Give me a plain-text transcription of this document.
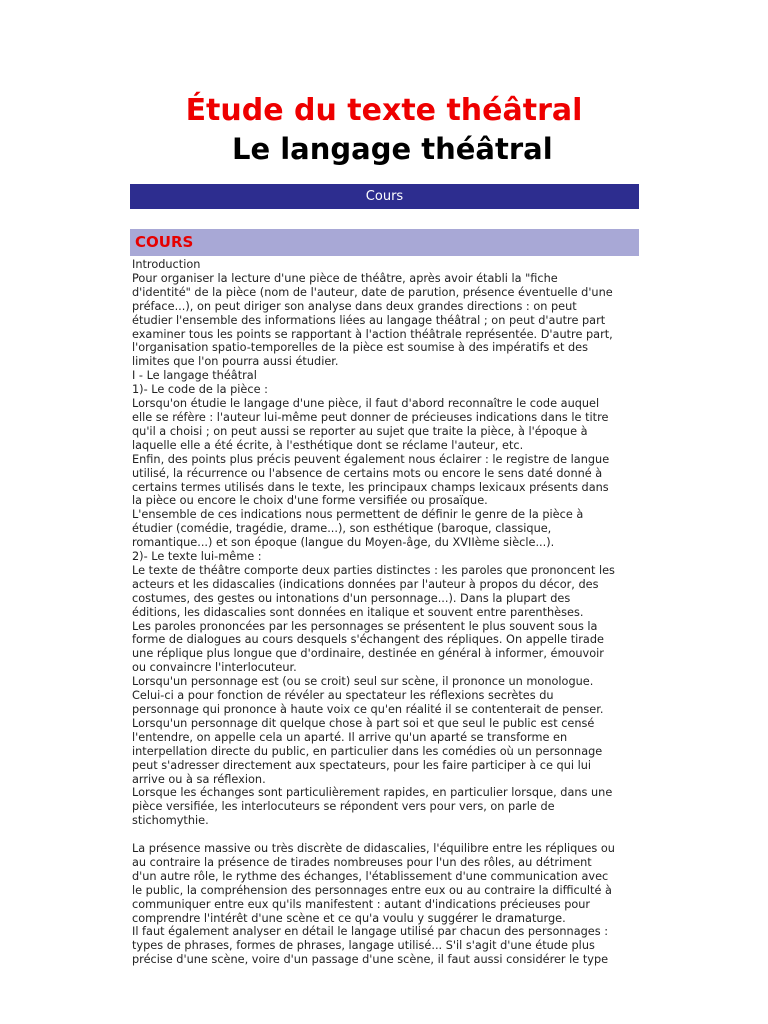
Étude du texte théâtral
Le langage théâtral
Cours
COURS
Introduction
Pour organiser la lecture d'une pièce de théâtre, après avoir établi la "fiche
d'identité" de la pièce (nom de l'auteur, date de parution, présence éventuelle d'une
préface...), on peut diriger son analyse dans deux grandes directions : on peut
étudier l'ensemble des informations liées au langage théâtral ; on peut d'autre part
examiner tous les points se rapportant à l'action théâtrale représentée. D'autre part,
l'organisation spatio-temporelles de la pièce est soumise à des impératifs et des
limites que l'on pourra aussi étudier.
I - Le langage théâtral
1)- Le code de la pièce :
Lorsqu'on étudie le langage d'une pièce, il faut d'abord reconnaître le code auquel
elle se réfère : l'auteur lui-même peut donner de précieuses indications dans le titre
qu'il a choisi ; on peut aussi se reporter au sujet que traite la pièce, à l'époque à
laquelle elle a été écrite, à l'esthétique dont se réclame l'auteur, etc.
Enfin, des points plus précis peuvent également nous éclairer : le registre de langue
utilisé, la récurrence ou l'absence de certains mots ou encore le sens daté donné à
certains termes utilisés dans le texte, les principaux champs lexicaux présents dans
la pièce ou encore le choix d'une forme versifiée ou prosaïque.
L'ensemble de ces indications nous permettent de définir le genre de la pièce à
étudier (comédie, tragédie, drame...), son esthétique (baroque, classique,
romantique...) et son époque (langue du Moyen-âge, du XVIIème siècle...).
2)- Le texte lui-même :
Le texte de théâtre comporte deux parties distinctes : les paroles que prononcent les
acteurs et les didascalies (indications données par l'auteur à propos du décor, des
costumes, des gestes ou intonations d'un personnage...). Dans la plupart des
éditions, les didascalies sont données en italique et souvent entre parenthèses.
Les paroles prononcées par les personnages se présentent le plus souvent sous la
forme de dialogues au cours desquels s'échangent des répliques. On appelle tirade
une réplique plus longue que d'ordinaire, destinée en général à informer, émouvoir
ou convaincre l'interlocuteur.
Lorsqu'un personnage est (ou se croit) seul sur scène, il prononce un monologue.
Celui-ci a pour fonction de révéler au spectateur les réflexions secrètes du
personnage qui prononce à haute voix ce qu'en réalité il se contenterait de penser.
Lorsqu'un personnage dit quelque chose à part soi et que seul le public est censé
l'entendre, on appelle cela un aparté. Il arrive qu'un aparté se transforme en
interpellation directe du public, en particulier dans les comédies où un personnage
peut s'adresser directement aux spectateurs, pour les faire participer à ce qui lui
arrive ou à sa réflexion.
Lorsque les échanges sont particulièrement rapides, en particulier lorsque, dans une
pièce versifiée, les interlocuteurs se répondent vers pour vers, on parle de
stichomythie.
La présence massive ou très discrète de didascalies, l'équilibre entre les répliques ou
au contraire la présence de tirades nombreuses pour l'un des rôles, au détriment
d'un autre rôle, le rythme des échanges, l'établissement d'une communication avec
le public, la compréhension des personnages entre eux ou au contraire la difficulté à
communiquer entre eux qu'ils manifestent : autant d'indications précieuses pour
comprendre l'intérêt d'une scène et ce qu'a voulu y suggérer le dramaturge.
Il faut également analyser en détail le langage utilisé par chacun des personnages :
types de phrases, formes de phrases, langage utilisé... S'il s'agit d'une étude plus
précise d'une scène, voire d'un passage d'une scène, il faut aussi considérer le type
